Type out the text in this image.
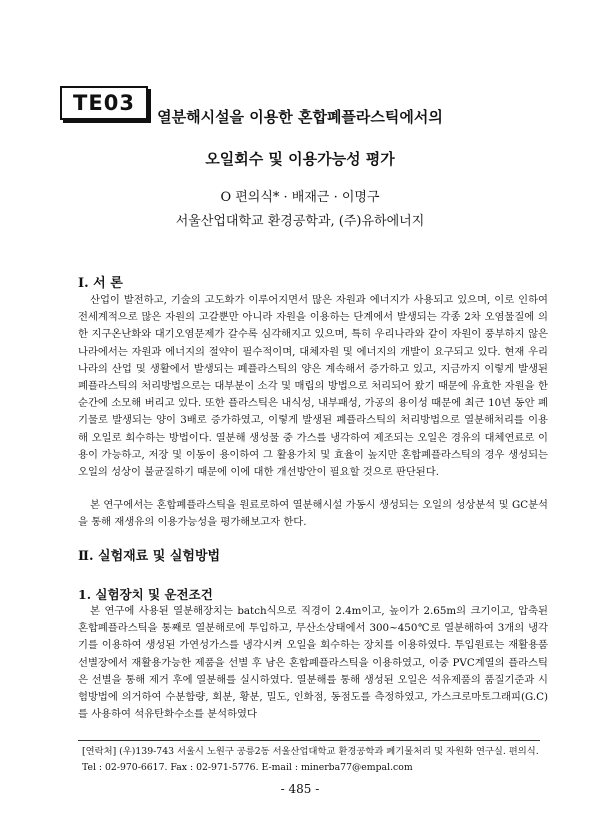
TE03
열분해시설을 이용한 혼합폐플라스틱에서의
오일회수 및 이용가능성 평가
O 편의식* · 배재근 · 이명구
서울산업대학교 환경공학과, (주)유하에너지
Ⅰ. 서 론

산업이 발전하고, 기술의 고도화가 이루어지면서 많은 자원과 에너지가 사용되고 있으며, 이로 인하여 전세계적으로 많은 자원의 고갈뿐만 아니라 자원을 이용하는 단계에서 발생되는 각종 2차 오염물질에 의한 지구온난화와 대기오염문제가 갈수록 심각해지고 있으며, 특히 우리나라와 같이 자원이 풍부하지 않은 나라에서는 자원과 에너지의 절약이 필수적이며, 대체자원 및 에너지의 개발이 요구되고 있다. 현재 우리나라의 산업 및 생활에서 발생되는 폐플라스틱의 양은 계속해서 증가하고 있고, 지금까지 이렇게 발생된 폐플라스틱의 처리방법으로는 대부분이 소각 및 매립의 방법으로 처리되어 왔기 때문에 유효한 자원을 한순간에 소모해 버리고 있다. 또한 플라스틱은 내식성, 내부패성, 가공의 용이성 때문에 최근 10년 동안 폐기물로 발생되는 양이 3배로 증가하였고, 이렇게 발생된 폐플라스틱의 처리방법으로 열분해처리를 이용해 오일로 회수하는 방법이다. 열분해 생성물 중 가스를 냉각하여 제조되는 오일은 경유의 대체연료로 이용이 가능하고, 저장 및 이동이 용이하여 그 활용가치 및 효율이 높지만 혼합폐플라스틱의 경우 생성되는 오일의 성상이 불균질하기 때문에 이에 대한 개선방안이 필요할 것으로 판단된다.

본 연구에서는 혼합폐플라스틱을 원료로하여 열분해시설 가동시 생성되는 오일의 성상분석 및 GC분석을 통해 재생유의 이용가능성을 평가해보고자 한다.

Ⅱ. 실험재료 및 실험방법
1. 실험장치 및 운전조건

본 연구에 사용된 열분해장치는 batch식으로 직경이 2.4m이고, 높이가 2.65m의 크기이고, 압축된 혼합폐플라스틱을 통째로 열분해로에 투입하고, 무산소상태에서 300~450℃로 열분해하여 3개의 냉각기를 이용하여 생성된 가연성가스를 냉각시켜 오일을 회수하는 장치를 이용하였다. 투입원료는 재활용품 선별장에서 재활용가능한 제품을 선별 후 남은 혼합폐플라스틱을 이용하였고, 이중 PVC계열의 플라스틱은 선별을 통해 제거 후에 열분해를 실시하였다. 열분해를 통해 생성된 오일은 석유제품의 품질기준과 시험방법에 의거하여 수분함량, 회분, 황분, 밀도, 인화점, 동점도를 측정하였고, 가스크로마토그래피(G.C)를 사용하여 석유탄화수소를 분석하였다

[연락처] (우)139-743 서울시 노원구 공릉2동 서울산업대학교 환경공학과 폐기물처리 및 자원화 연구실. 편의식. Tel : 02-970-6617. Fax : 02-971-5776. E-mail : minerba77@empal.com

- 485 -
